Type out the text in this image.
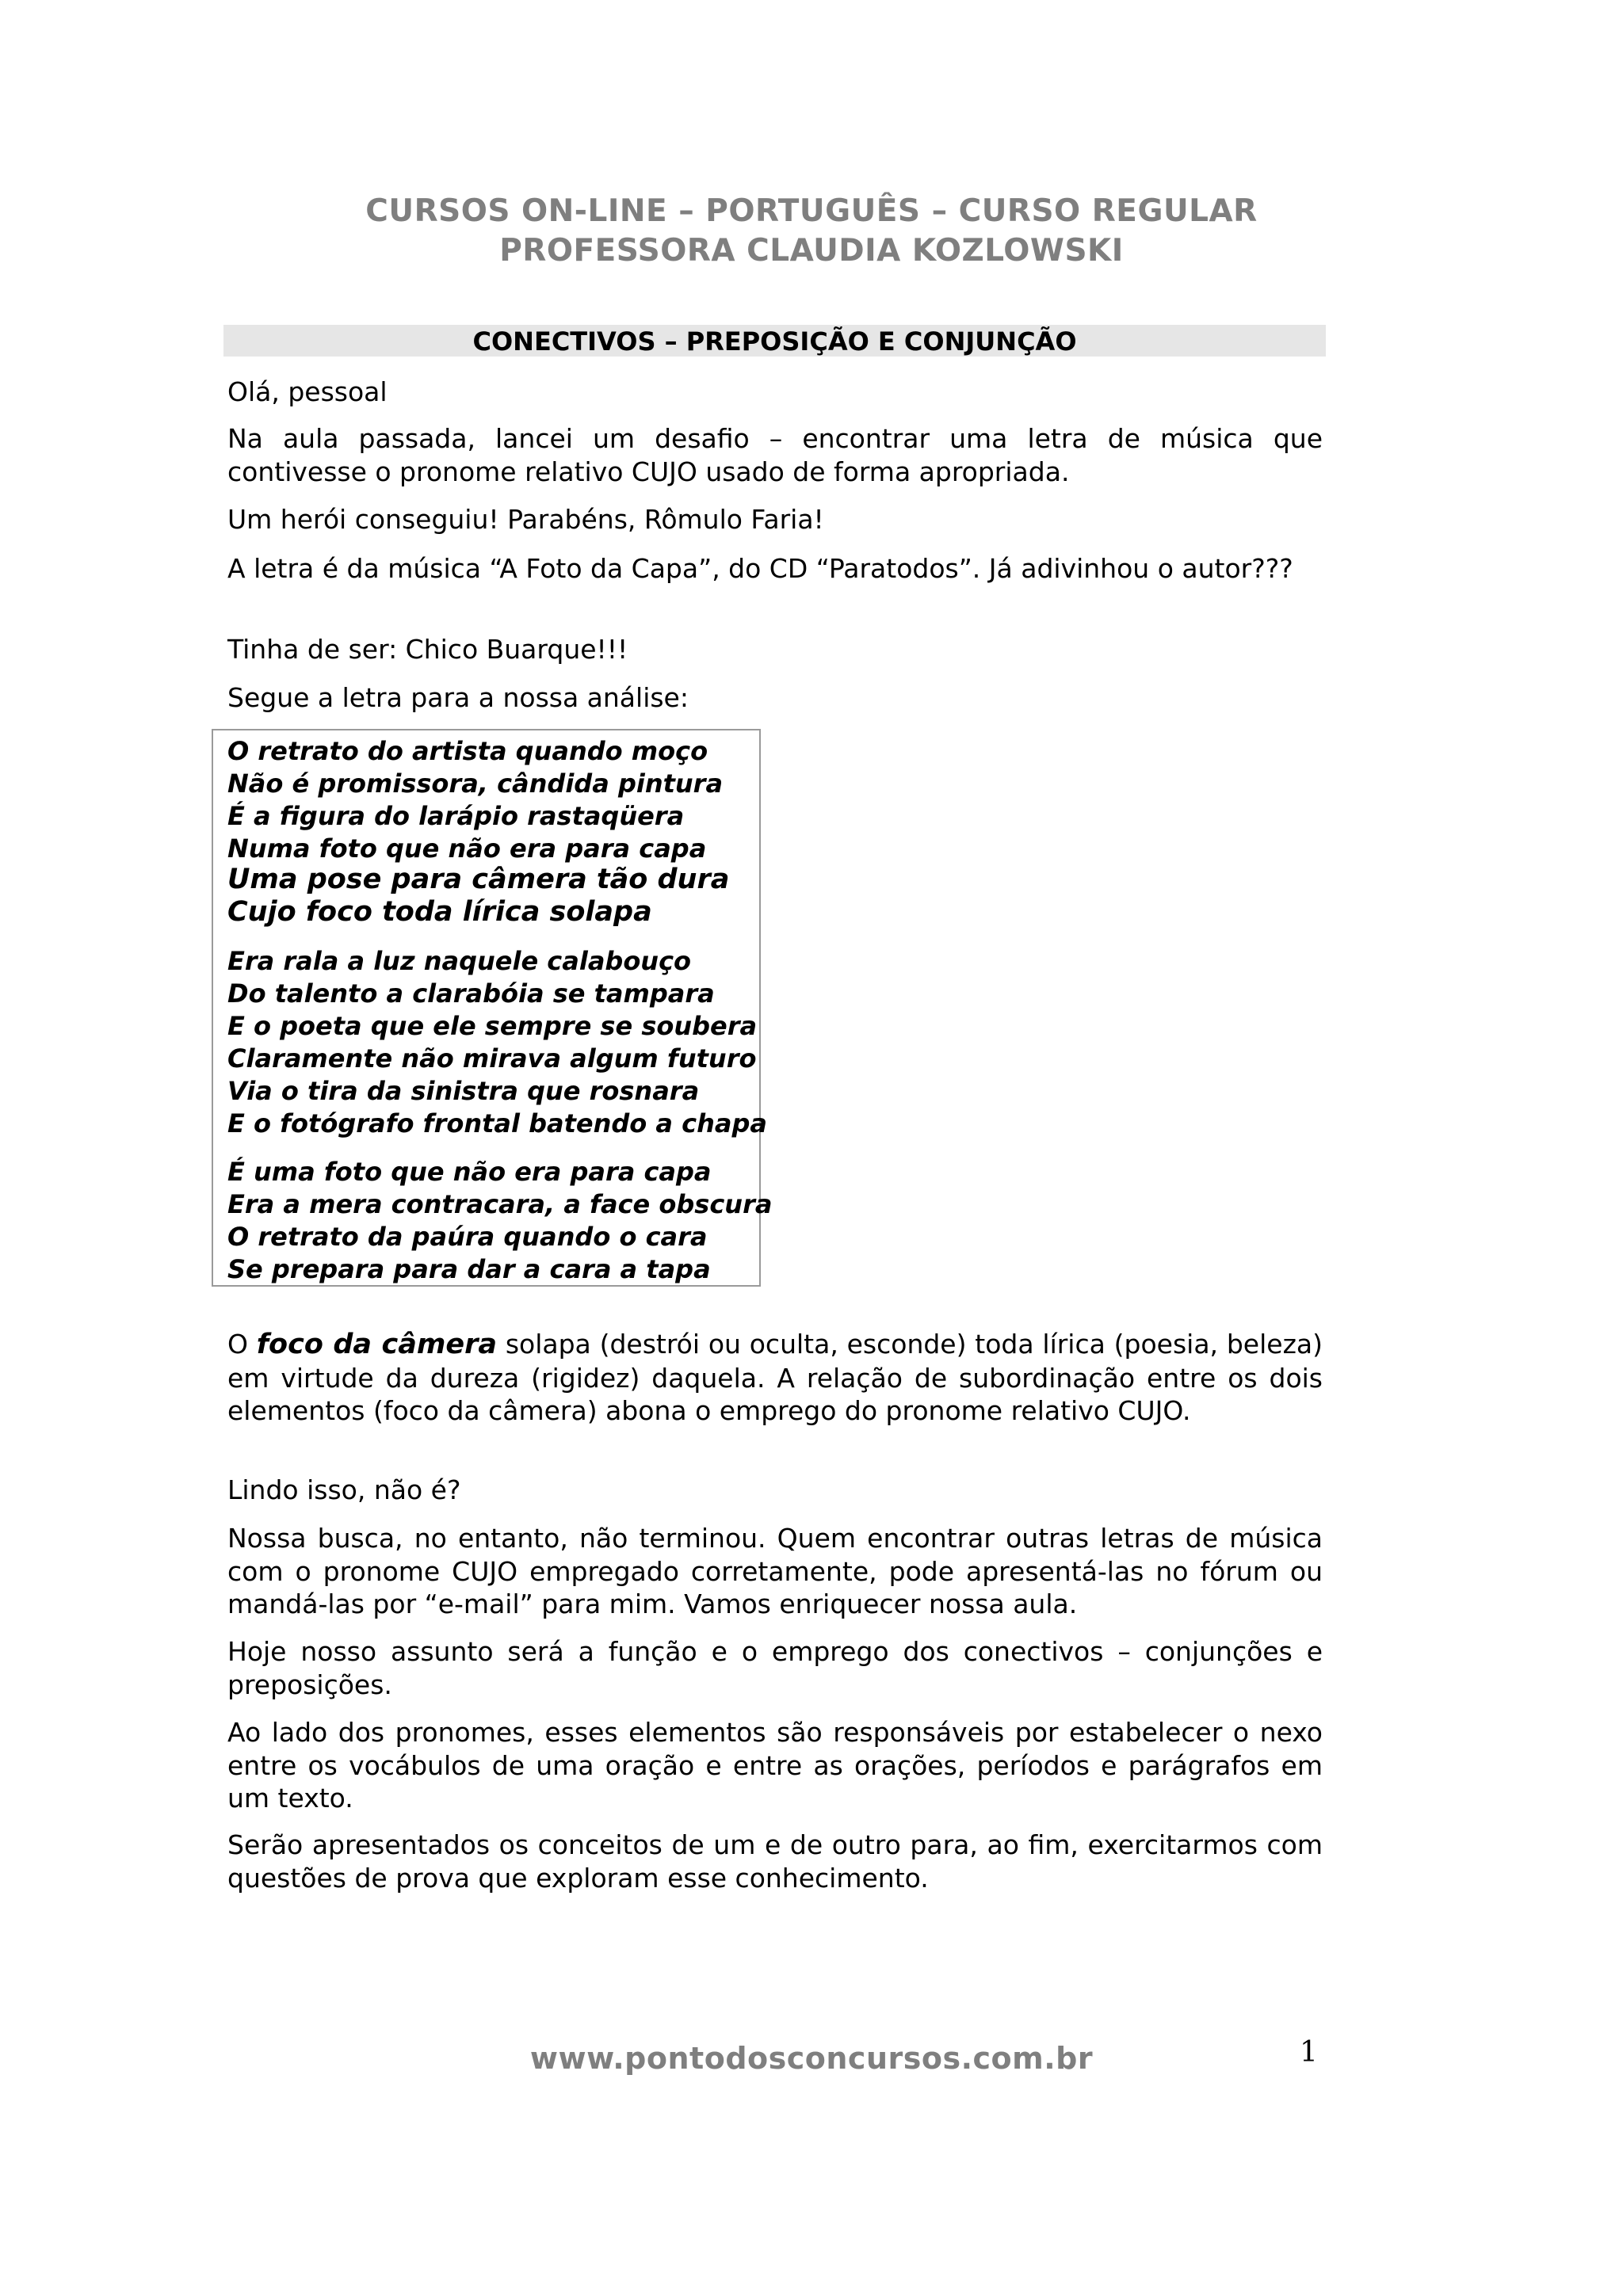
CURSOS ON-LINE – PORTUGUÊS – CURSO REGULAR
PROFESSORA CLAUDIA KOZLOWSKI
CONECTIVOS – PREPOSIÇÃO E CONJUNÇÃO
Olá, pessoal
Na aula passada, lancei um desafio – encontrar uma letra de música que contivesse o pronome relativo CUJO usado de forma apropriada.
Um herói conseguiu! Parabéns, Rômulo Faria!
A letra é da música “A Foto da Capa”, do CD “Paratodos”. Já adivinhou o autor???
Tinha de ser: Chico Buarque!!!
Segue a letra para a nossa análise:
O retrato do artista quando moço
Não é promissora, cândida pintura
É a figura do larápio rastaqüera
Numa foto que não era para capa
Uma pose para câmera tão dura
Cujo foco toda lírica solapa
Era rala a luz naquele calabouço
Do talento a clarabóia se tampara
E o poeta que ele sempre se soubera
Claramente não mirava algum futuro
Via o tira da sinistra que rosnara
E o fotógrafo frontal batendo a chapa
É uma foto que não era para capa
Era a mera contracara, a face obscura
O retrato da paúra quando o cara
Se prepara para dar a cara a tapa
O foco da câmera solapa (destrói ou oculta, esconde) toda lírica (poesia, beleza) em virtude da dureza (rigidez) daquela. A relação de subordinação entre os dois elementos (foco da câmera) abona o emprego do pronome relativo CUJO.
Lindo isso, não é?
Nossa busca, no entanto, não terminou. Quem encontrar outras letras de música com o pronome CUJO empregado corretamente, pode apresentá-las no fórum ou mandá-las por “e-mail” para mim. Vamos enriquecer nossa aula.
Hoje nosso assunto será a função e o emprego dos conectivos – conjunções e preposições.
Ao lado dos pronomes, esses elementos são responsáveis por estabelecer o nexo entre os vocábulos de uma oração e entre as orações, períodos e parágrafos em um texto.
Serão apresentados os conceitos de um e de outro para, ao fim, exercitarmos com questões de prova que exploram esse conhecimento.
www.pontodosconcursos.com.br	1
